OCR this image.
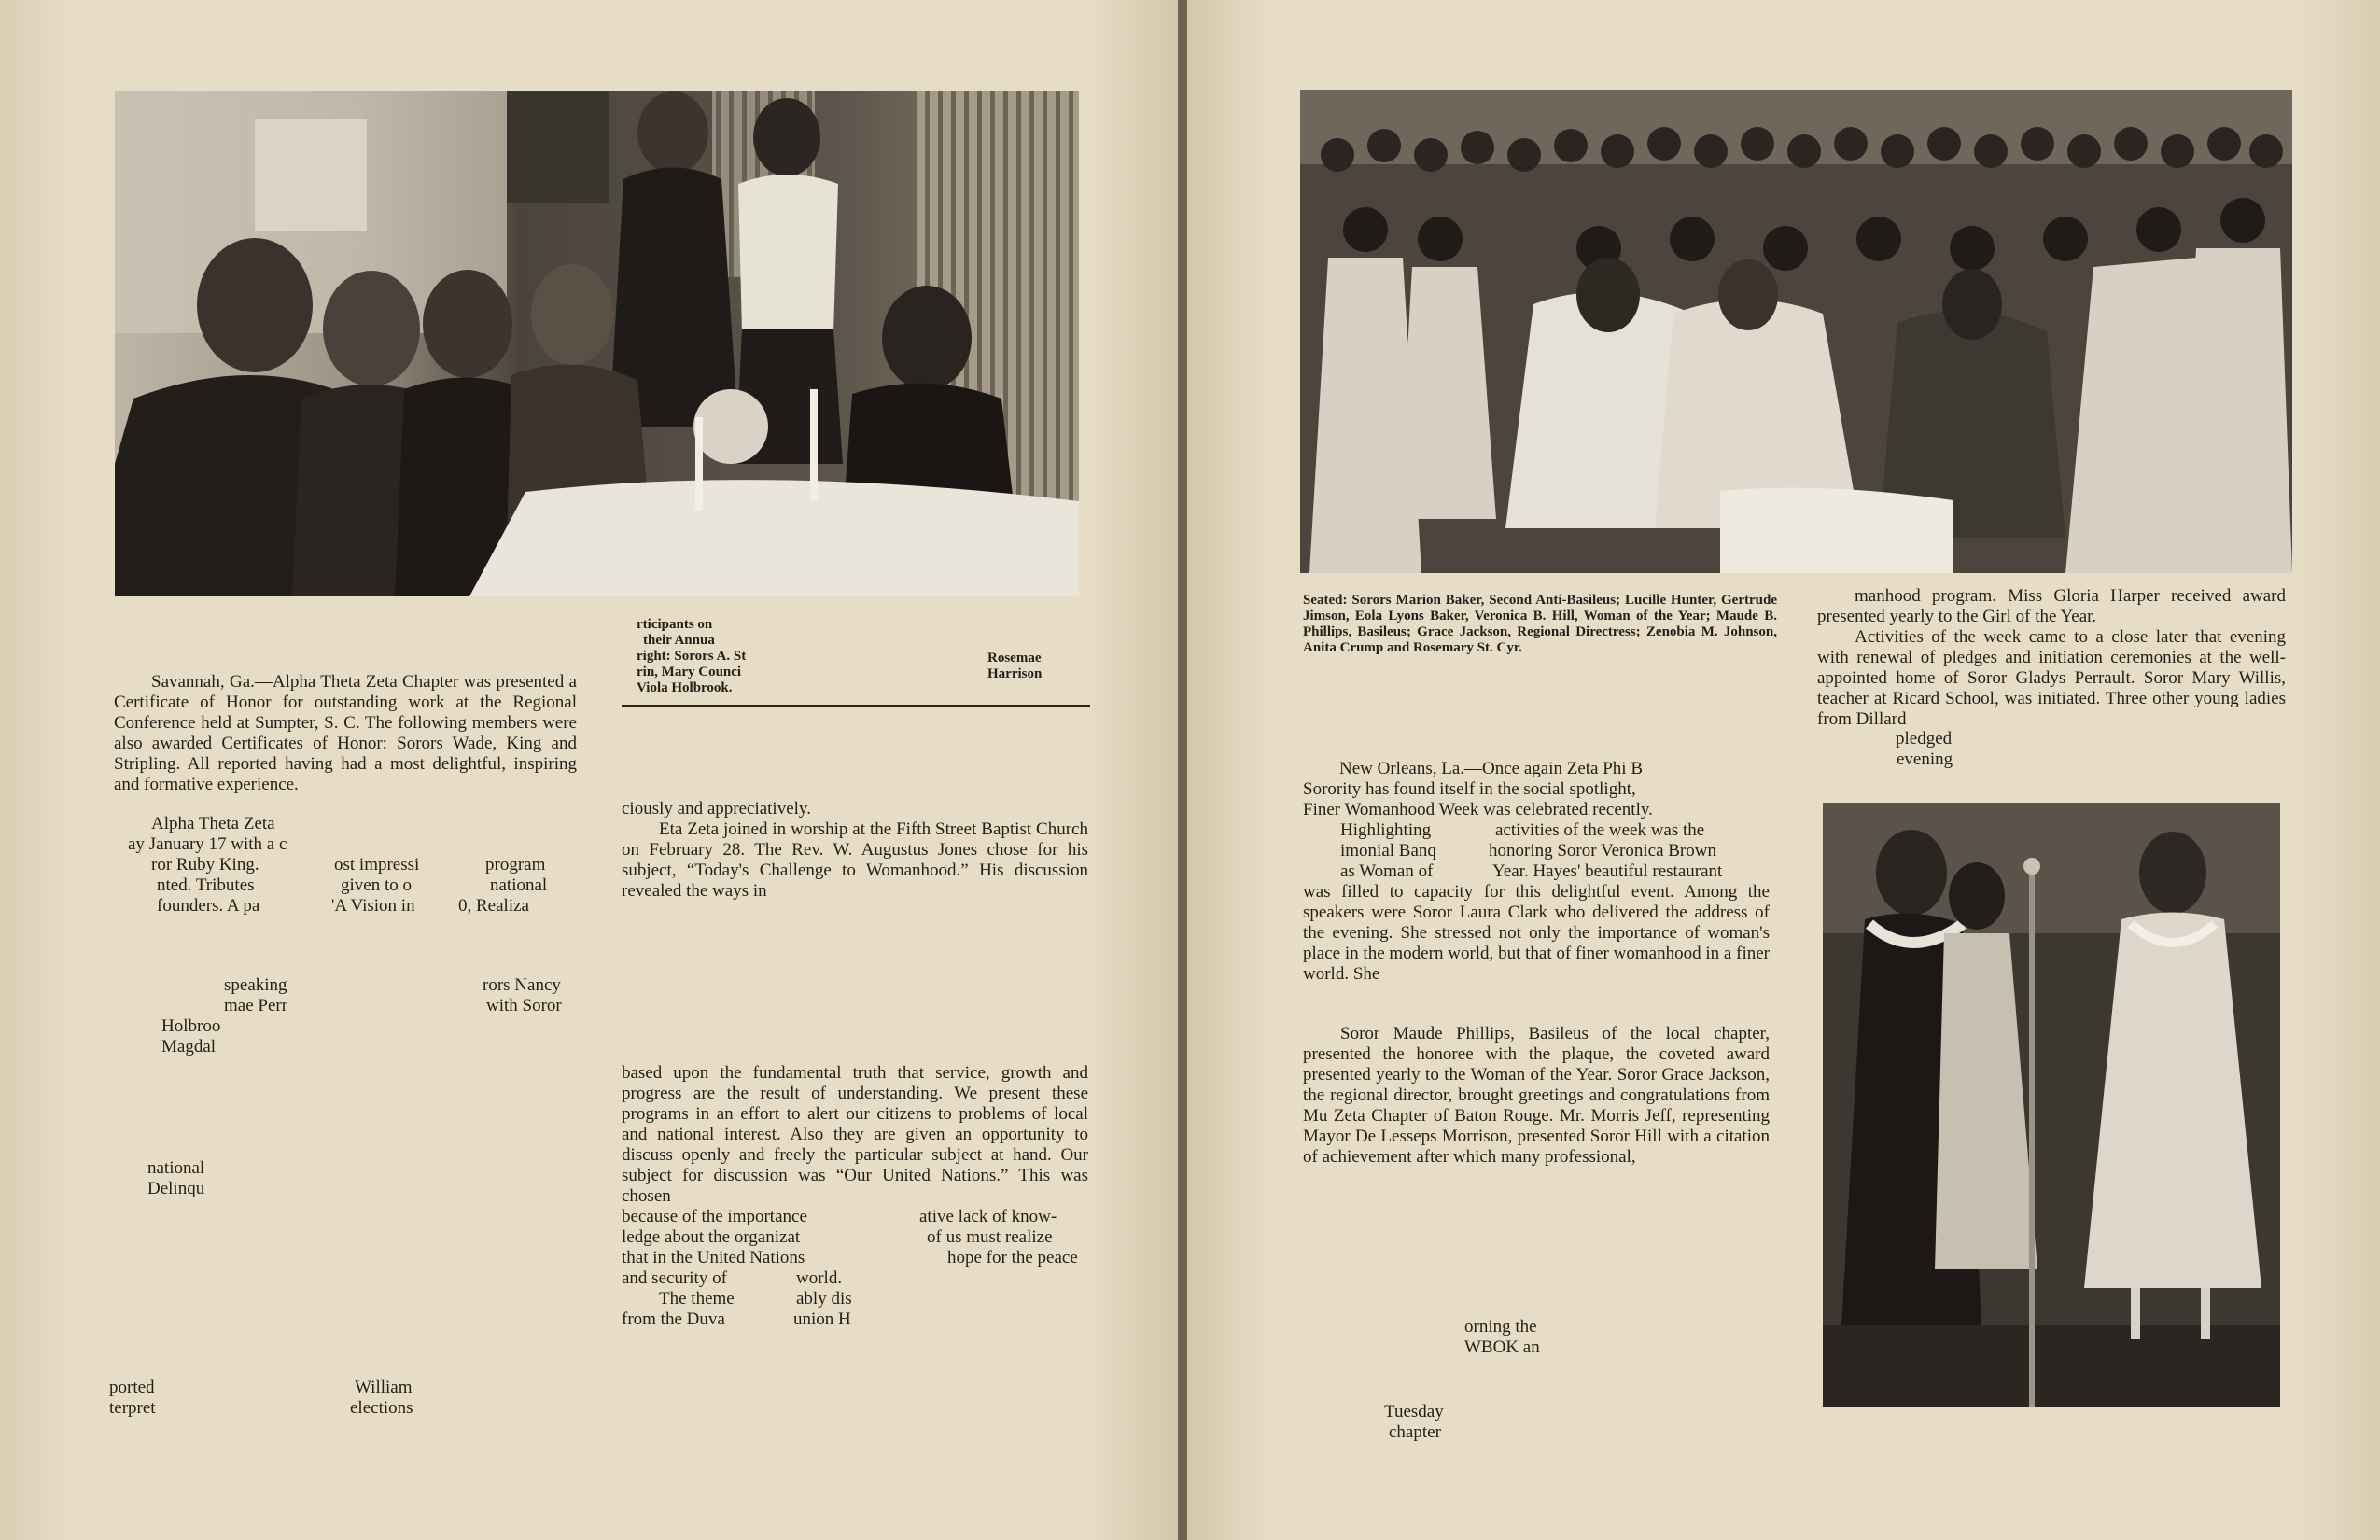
rticipants on
their Annua
right: Sorors A. St
rin, Mary Counci
Viola Holbrook.
Rosemae
Harrison

Savannah, Ga.—Alpha Theta Zeta Chapter was presented a Certificate of Honor for outstanding work at the Regional Conference held at Sumpter, S. C. The following members were also awarded Certificates of Honor: Sorors Wade, King and Stripling. All reported having had a most delightful, inspiring and formative experience.

Alpha Theta Zeta
ay January 17 with a c
ror Ruby King.	ost impressi	program
nted. Tributes	given to o	national
founders. A pa	'A Vision in 0, Realiza
speaking	rors Nancy
mae Perr	with Soror
Holbroo
Magdal
national
Delinqu
ported	William
terpret	elections

ciously and appreciatively.

Eta Zeta joined in worship at the Fifth Street Baptist Church on February 28. The Rev. W. Augustus Jones chose for his subject, “Today's Challenge to Womanhood.” His discussion revealed the ways in

based upon the fundamental truth that service, growth and progress are the result of understanding. We present these programs in an effort to alert our citizens to problems of local and national interest. Also they are given an opportunity to discuss openly and freely the particular subject at hand. Our subject for discussion was “Our United Nations.” This was chosen

because of the importance	ative lack of know-
ledge about the organizat	of us must realize
that in the United Nations	hope for the peace
and security of	world.
The theme	ably dis
from the Duva	union H
Seated: Sorors Marion Baker, Second Anti-Basileus; Lucille Hunter, Gertrude Jimson, Eola Lyons Baker, Veronica B. Hill, Woman of the Year; Maude B. Phillips, Basileus; Grace Jackson, Regional Directress; Zenobia M. Johnson, Anita Crump and Rosemary St. Cyr.
New Orleans, La.—Once again Zeta Phi B
Sorority has found itself in the social spotlight,
Finer Womanhood Week was celebrated recently.
Highlighting	activities of the week was the
imonial Banq	honoring Soror Veronica Brown
as Woman of	Year. Hayes' beautiful restaurant

was filled to capacity for this delightful event. Among the speakers were Soror Laura Clark who delivered the address of the evening. She stressed not only the importance of woman's place in the modern world, but that of finer womanhood in a finer world. She

Soror Maude Phillips, Basileus of the local chapter, presented the honoree with the plaque, the coveted award presented yearly to the Woman of the Year. Soror Grace Jackson, the regional director, brought greetings and congratulations from Mu Zeta Chapter of Baton Rouge. Mr. Morris Jeff, representing Mayor De Lesseps Morrison, presented Soror Hill with a citation of achievement after which many professional,

orning the
WBOK an
Tuesday
chapter

manhood program. Miss Gloria Harper received award presented yearly to the Girl of the Year.

Activities of the week came to a close later that evening with renewal of pledges and initiation ceremonies at the well-appointed home of Soror Gladys Perrault. Soror Mary Willis, teacher at Ricard School, was initiated. Three other young ladies from Dillard

pledged
evening
